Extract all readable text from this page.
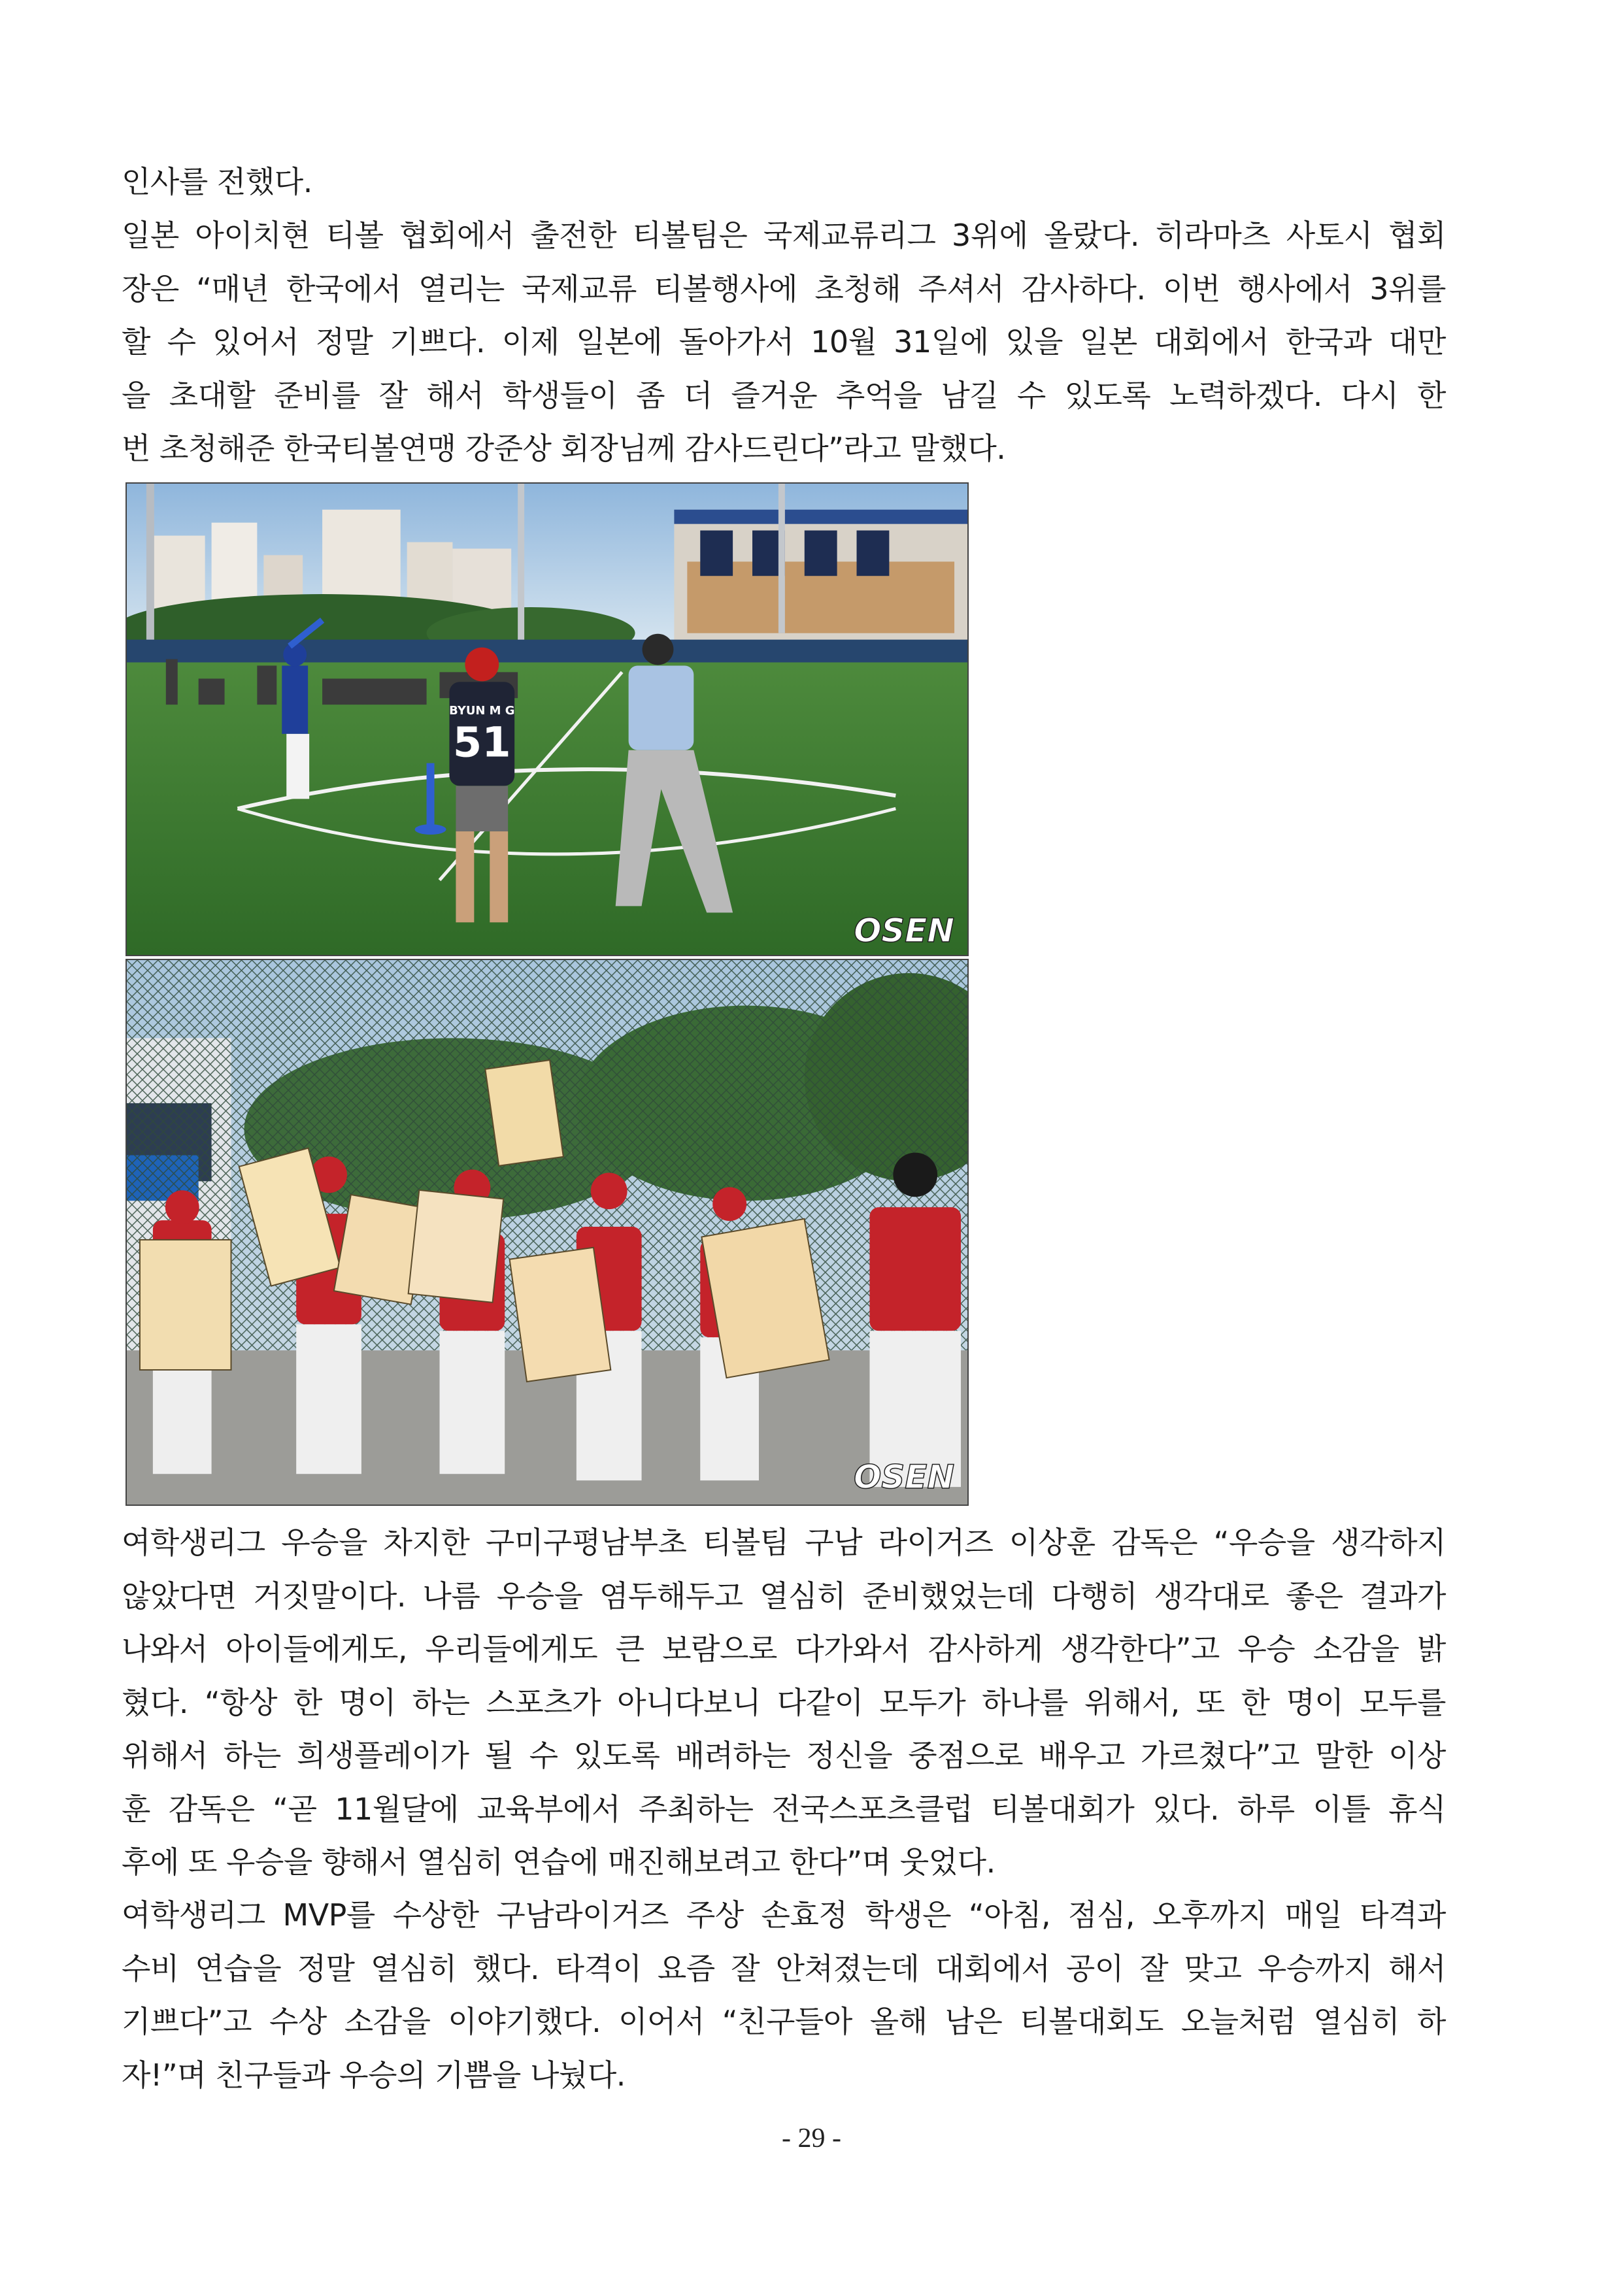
인사를 전했다.
일본 아이치현 티볼 협회에서 출전한 티볼팀은 국제교류리그 3위에 올랐다. 히라마츠 사토시 협회
장은 “매년 한국에서 열리는 국제교류 티볼행사에 초청해 주셔서 감사하다. 이번 행사에서 3위를
할 수 있어서 정말 기쁘다. 이제 일본에 돌아가서 10월 31일에 있을 일본 대회에서 한국과 대만
을 초대할 준비를 잘 해서 학생들이 좀 더 즐거운 추억을 남길 수 있도록 노력하겠다. 다시 한
번 초청해준 한국티볼연맹 강준상 회장님께 감사드린다”라고 말했다.
BYUN M G
51
OSEN
OSEN
여학생리그 우승을 차지한 구미구평남부초 티볼팀 구남 라이거즈 이상훈 감독은 “우승을 생각하지
않았다면 거짓말이다. 나름 우승을 염두해두고 열심히 준비했었는데 다행히 생각대로 좋은 결과가
나와서 아이들에게도, 우리들에게도 큰 보람으로 다가와서 감사하게 생각한다”고 우승 소감을 밝
혔다. “항상 한 명이 하는 스포츠가 아니다보니 다같이 모두가 하나를 위해서, 또 한 명이 모두를
위해서 하는 희생플레이가 될 수 있도록 배려하는 정신을 중점으로 배우고 가르쳤다”고 말한 이상
훈 감독은 “곧 11월달에 교육부에서 주최하는 전국스포츠클럽 티볼대회가 있다. 하루 이틀 휴식
후에 또 우승을 향해서 열심히 연습에 매진해보려고 한다”며 웃었다.
여학생리그 MVP를 수상한 구남라이거즈 주상 손효정 학생은 “아침, 점심, 오후까지 매일 타격과
수비 연습을 정말 열심히 했다. 타격이 요즘 잘 안쳐졌는데 대회에서 공이 잘 맞고 우승까지 해서
기쁘다”고 수상 소감을 이야기했다. 이어서 “친구들아 올해 남은 티볼대회도 오늘처럼 열심히 하
자!”며 친구들과 우승의 기쁨을 나눴다.
- 29 -
